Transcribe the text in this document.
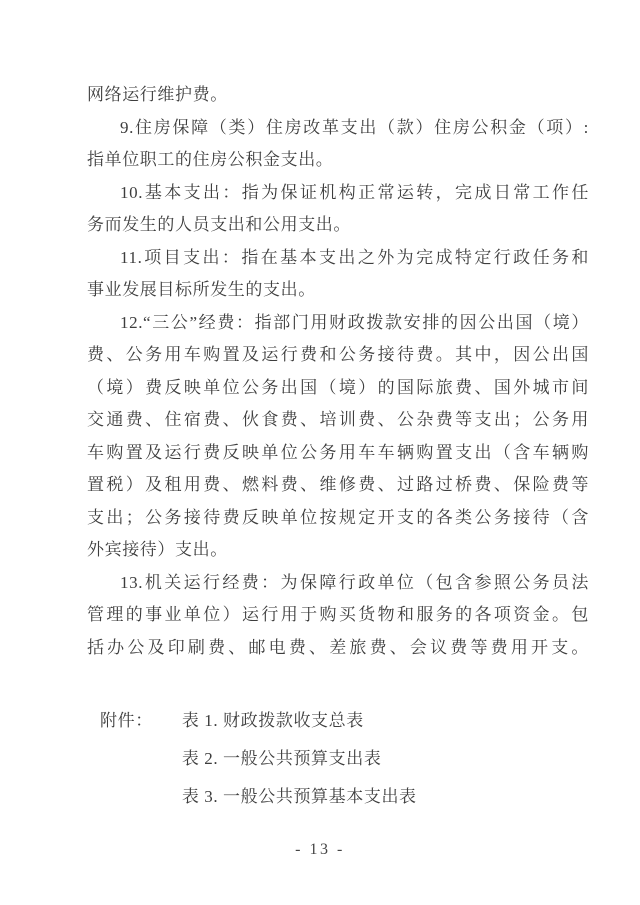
网络运行维护费。
9.住房保障（类）住房改革支出（款）住房公积金（项）:
指单位职工的住房公积金支出。
10.基本支出：指为保证机构正常运转，完成日常工作任
务而发生的人员支出和公用支出。
11.项目支出：指在基本支出之外为完成特定行政任务和
事业发展目标所发生的支出。
12.“三公”经费：指部门用财政拨款安排的因公出国（境）
费、公务用车购置及运行费和公务接待费。其中，因公出国
（境）费反映单位公务出国（境）的国际旅费、国外城市间
交通费、住宿费、伙食费、培训费、公杂费等支出；公务用
车购置及运行费反映单位公务用车车辆购置支出（含车辆购
置税）及租用费、燃料费、维修费、过路过桥费、保险费等
支出；公务接待费反映单位按规定开支的各类公务接待（含
外宾接待）支出。
13.机关运行经费：为保障行政单位（包含参照公务员法
管理的事业单位）运行用于购买货物和服务的各项资金。包
括办公及印刷费、邮电费、差旅费、会议费等费用开支。
附件： 表 1. 财政拨款收支总表
表 2. 一般公共预算支出表
表 3. 一般公共预算基本支出表
- 13 -
